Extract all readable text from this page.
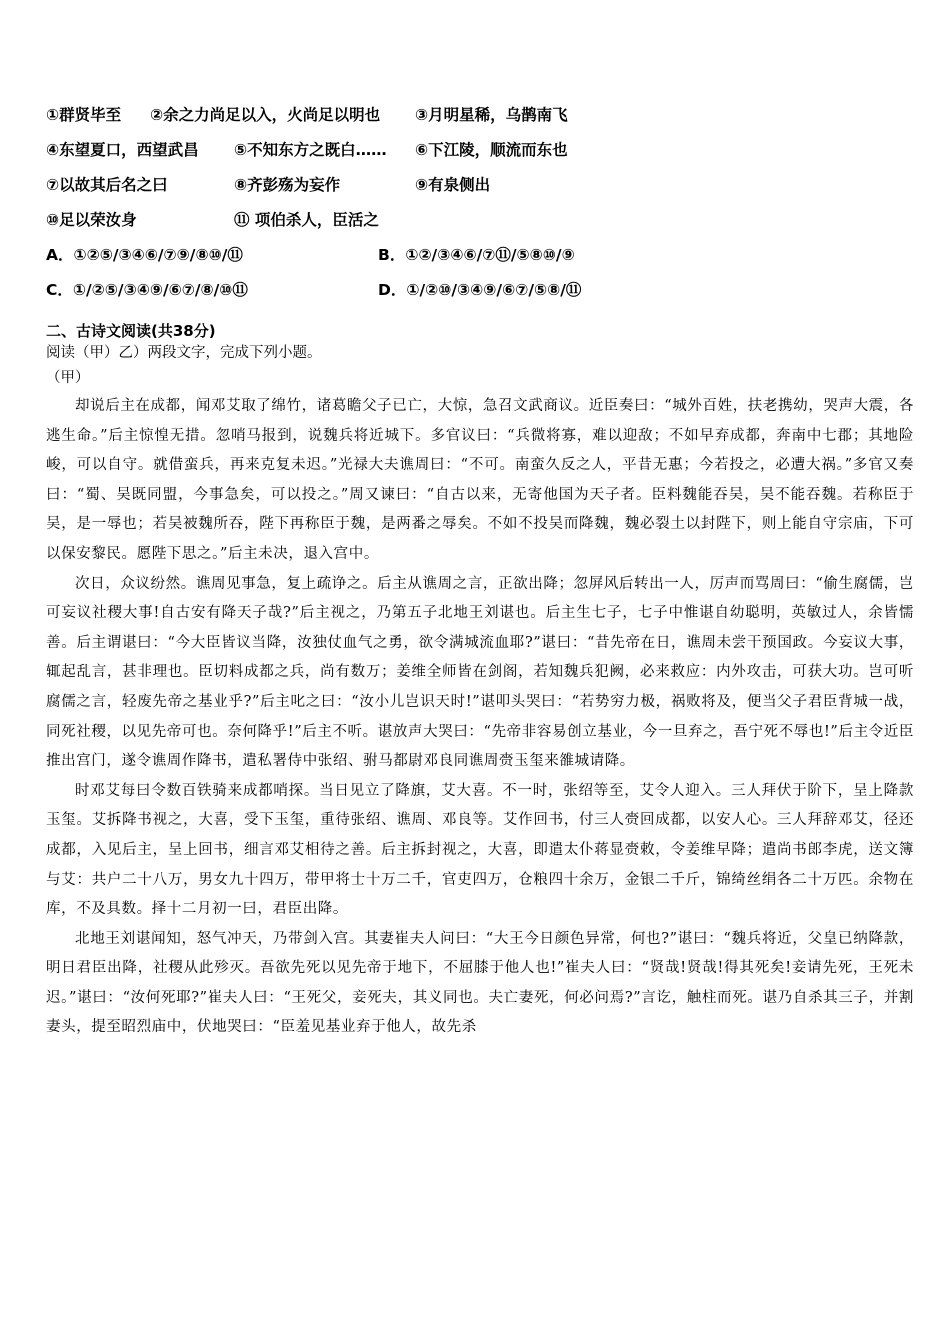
①群贤毕至 ②余之力尚足以入，火尚足以明也 ③月明星稀，乌鹊南飞
④东望夏口，西望武昌 ⑤不知东方之既白…… ⑥下江陵，顺流而东也
⑦以故其后名之曰	⑧齐彭殇为妄作	⑨有泉侧出
⑩足以荣汝身	⑪ 项伯杀人，臣活之
A．①②⑤/③④⑥/⑦⑨/⑧⑩/⑪	B．①②/③④⑥/⑦⑪/⑤⑧⑩/⑨
C．①/②⑤/③④⑨/⑥⑦/⑧/⑩⑪	D．①/②⑩/③④⑨/⑥⑦/⑤⑧/⑪
二、古诗文阅读(共38分)
阅读（甲）乙）两段文字，完成下列小题。
（甲）

却说后主在成都，闻邓艾取了绵竹，诸葛瞻父子已亡，大惊，急召文武商议。近臣奏曰：“城外百姓，扶老携幼，哭声大震，各逃生命。”后主惊惶无措。忽哨马报到，说魏兵将近城下。多官议曰：“兵微将寡，难以迎敌；不如早弃成都，奔南中七郡；其地险峻，可以自守。就借蛮兵，再来克复未迟。”光禄大夫谯周曰：“不可。南蛮久反之人，平昔无惠；今若投之，必遭大祸。”多官又奏曰：“蜀、吴既同盟，今事急矣，可以投之。”周又谏曰：“自古以来，无寄他国为天子者。臣料魏能吞吴，吴不能吞魏。若称臣于吴，是一辱也；若吴被魏所吞，陛下再称臣于魏，是两番之辱矣。不如不投吴而降魏，魏必裂土以封陛下，则上能自守宗庙，下可以保安黎民。愿陛下思之。”后主未决，退入宫中。

次日，众议纷然。谯周见事急，复上疏诤之。后主从谯周之言，正欲出降；忽屏风后转出一人，厉声而骂周曰：“偷生腐儒，岂可妄议社稷大事!自古安有降天子哉?”后主视之，乃第五子北地王刘谌也。后主生七子，七子中惟谌自幼聪明，英敏过人，余皆懦善。后主谓谌曰：“今大臣皆议当降，汝独仗血气之勇，欲令满城流血耶?”谌曰：“昔先帝在日，谯周未尝干预国政。今妄议大事，辄起乱言，甚非理也。臣切料成都之兵，尚有数万；姜维全师皆在剑阁，若知魏兵犯阙，必来救应：内外攻击，可获大功。岂可听腐儒之言，轻废先帝之基业乎?”后主叱之曰：“汝小儿岂识天时!”谌叩头哭曰：“若势穷力极，祸败将及，便当父子君臣背城一战，同死社稷，以见先帝可也。奈何降乎!”后主不听。谌放声大哭曰：“先帝非容易创立基业，今一旦弃之，吾宁死不辱也!”后主令近臣推出宫门，遂令谯周作降书，遣私署侍中张绍、驸马都尉邓良同谯周赍玉玺来雒城请降。

时邓艾每曰令数百铁骑来成都哨探。当日见立了降旗，艾大喜。不一时，张绍等至，艾令人迎入。三人拜伏于阶下，呈上降款玉玺。艾拆降书视之，大喜，受下玉玺，重待张绍、谯周、邓良等。艾作回书，付三人赍回成都，以安人心。三人拜辞邓艾，径还成都，入见后主，呈上回书，细言邓艾相待之善。后主拆封视之，大喜，即遣太仆蒋显赍敕，令姜维早降；遣尚书郎李虎，送文簿与艾：共户二十八万，男女九十四万，带甲将士十万二千，官吏四万，仓粮四十余万，金银二千斤，锦绮丝绢各二十万匹。余物在库，不及具数。择十二月初一曰，君臣出降。

北地王刘谌闻知，怒气冲天，乃带剑入宫。其妻崔夫人问曰：“大王今日颜色异常，何也?”谌曰：“魏兵将近，父皇已纳降款，明日君臣出降，社稷从此殄灭。吾欲先死以见先帝于地下，不屈膝于他人也!”崔夫人曰：“贤哉!贤哉!得其死矣!妾请先死，王死未迟。”谌曰：“汝何死耶?”崔夫人曰：“王死父，妾死夫，其义同也。夫亡妻死，何必问焉?”言讫，触柱而死。谌乃自杀其三子，并割妻头，提至昭烈庙中，伏地哭曰：“臣羞见基业弃于他人，故先杀
